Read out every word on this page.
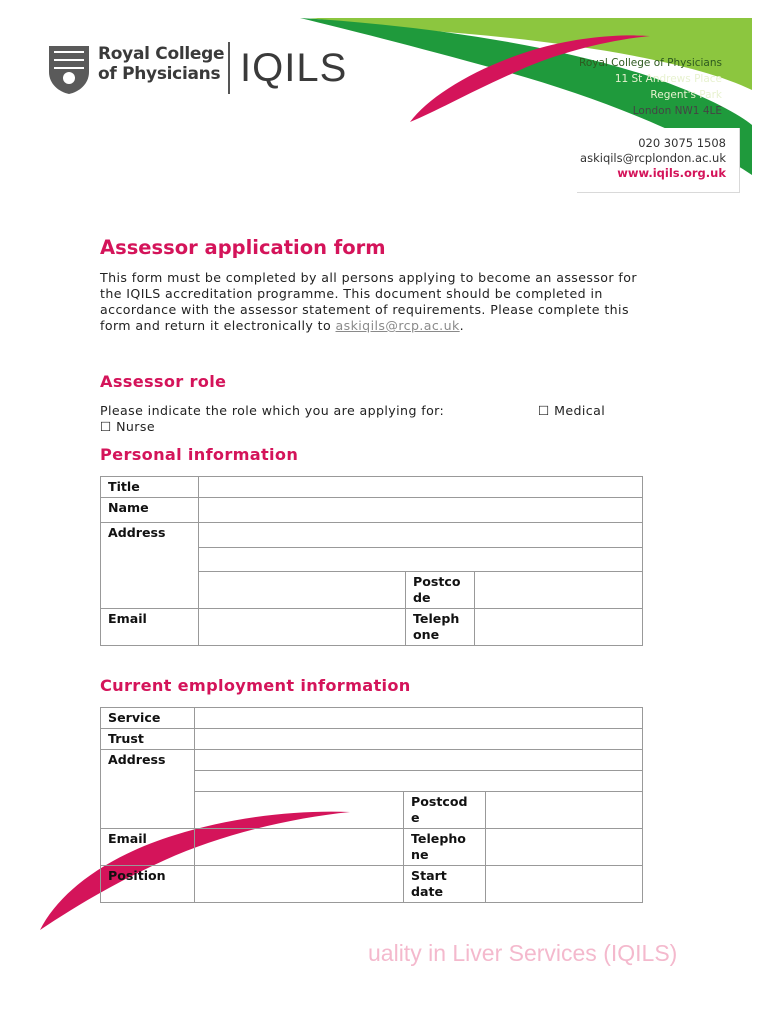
Royal College
of Physicians IQILS	Royal College of Physicians
11 St Andrews Place
Regent's Park
London NW1 4LE
020 3075 1508
askiqils@rcplondon.ac.uk
www.iqils.org.uk
Assessor application form

This form must be completed by all persons applying to become an assessor for the IQILS accreditation programme. This document should be completed in accordance with the assessor statement of requirements. Please complete this form and return it electronically to askiqils@rcp.ac.uk.

Assessor role
Please indicate the role which you are applying for:	☐ Medical
☐ Nurse
Personal information
Title			
Name			
Address			

		Postco de	
Email		Teleph one	
Current employment information
Service			
Trust			
Address			

		Postcod e	
Email		Telepho ne	
Position		Start date	
uality in Liver Services (IQILS)
